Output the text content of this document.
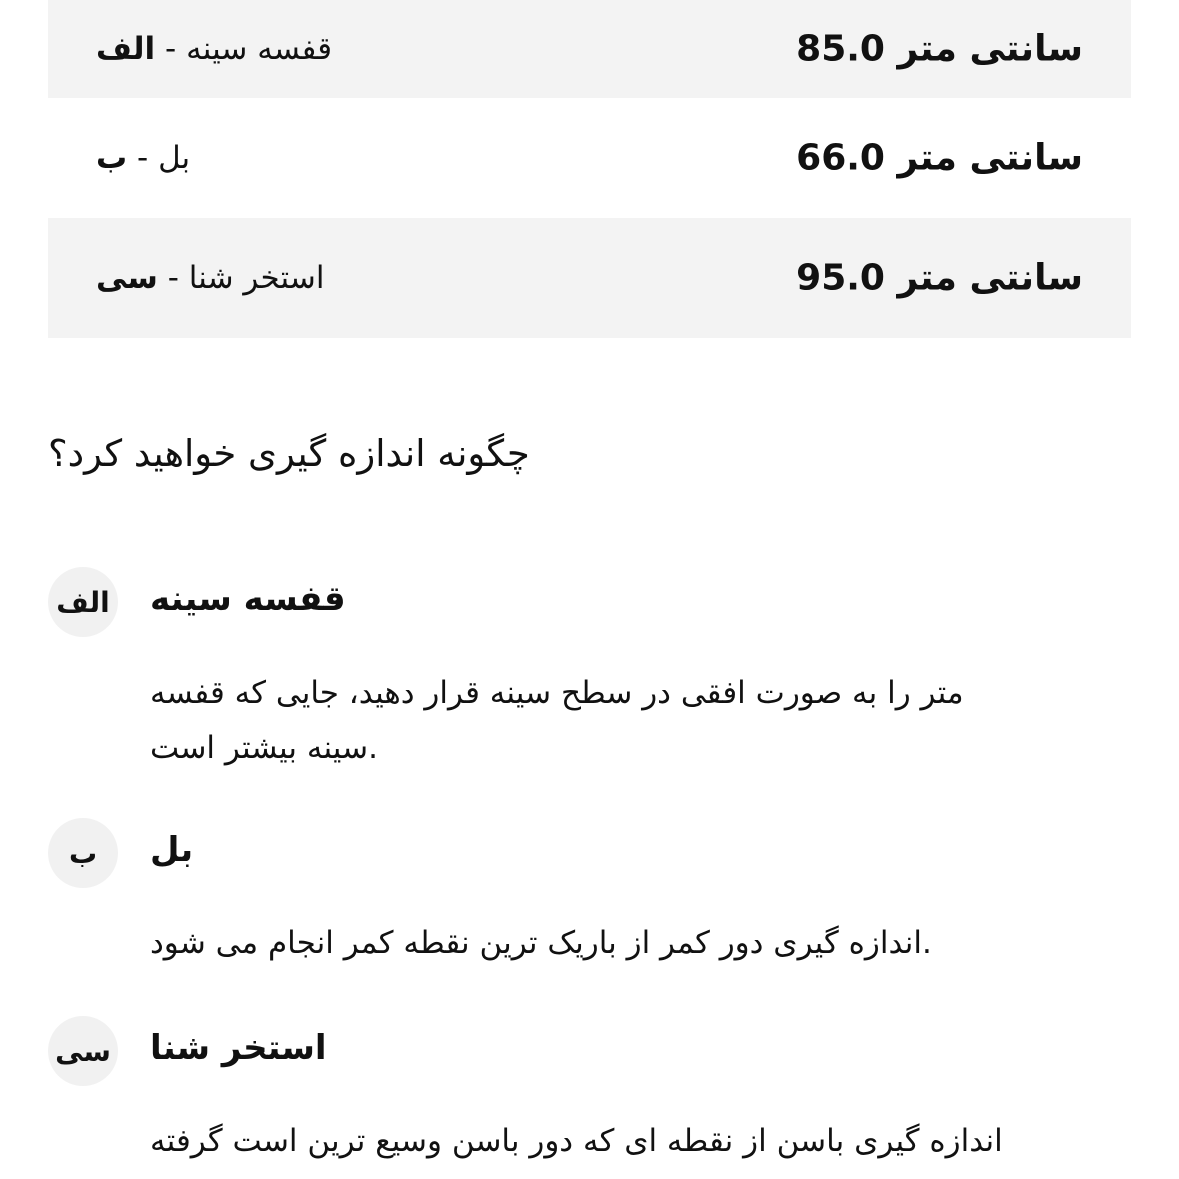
سانتی متر 85.0
قفسه سینه - الف
سانتی متر 66.0
بل - ب
سانتی متر 95.0
استخر شنا - سی
چگونه اندازه گیری خواهید کرد؟
الف قفسه سینه
متر را به صورت افقی در سطح سینه قرار دهید، جایی که قفسه
.سینه بیشتر است
ب	بل
.اندازه گیری دور کمر از باریک ترین نقطه کمر انجام می شود
سی استخر شنا
اندازه گیری باسن از نقطه ای که دور باسن وسیع ترین است گرفته
